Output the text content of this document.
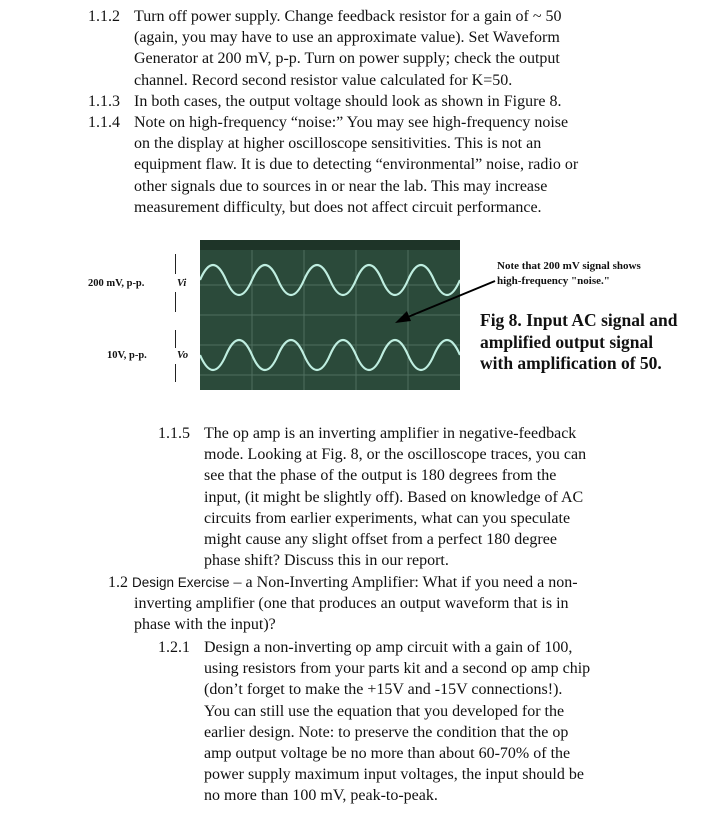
1.1.2 Turn off power supply. Change feedback resistor for a gain of ~ 50
(again, you may have to use an approximate value). Set Waveform
Generator at 200 mV, p-p. Turn on power supply; check the output
channel. Record second resistor value calculated for K=50.
1.1.3 In both cases, the output voltage should look as shown in Figure 8.
1.1.4 Note on high-frequency “noise:” You may see high-frequency noise
on the display at higher oscilloscope sensitivities. This is not an
equipment flaw. It is due to detecting “environmental” noise, radio or
other signals due to sources in or near the lab. This may increase
measurement difficulty, but does not affect circuit performance.
200 mV, p-p.	Vi
10V, p-p.	Vo
Note that 200 mV signal shows
high-frequency "noise."
Fig 8. Input AC signal and
amplified output signal
with amplification of 50.
1.1.5 The op amp is an inverting amplifier in negative-feedback
mode. Looking at Fig. 8, or the oscilloscope traces, you can
see that the phase of the output is 180 degrees from the
input, (it might be slightly off). Based on knowledge of AC
circuits from earlier experiments, what can you speculate
might cause any slight offset from a perfect 180 degree
phase shift? Discuss this in our report.
1.2 Design Exercise – a Non-Inverting Amplifier: What if you need a non-
inverting amplifier (one that produces an output waveform that is in
phase with the input)?
1.2.1 Design a non-inverting op amp circuit with a gain of 100,
using resistors from your parts kit and a second op amp chip
(don’t forget to make the +15V and -15V connections!).
You can still use the equation that you developed for the
earlier design. Note: to preserve the condition that the op
amp output voltage be no more than about 60-70% of the
power supply maximum input voltages, the input should be
no more than 100 mV, peak-to-peak.
